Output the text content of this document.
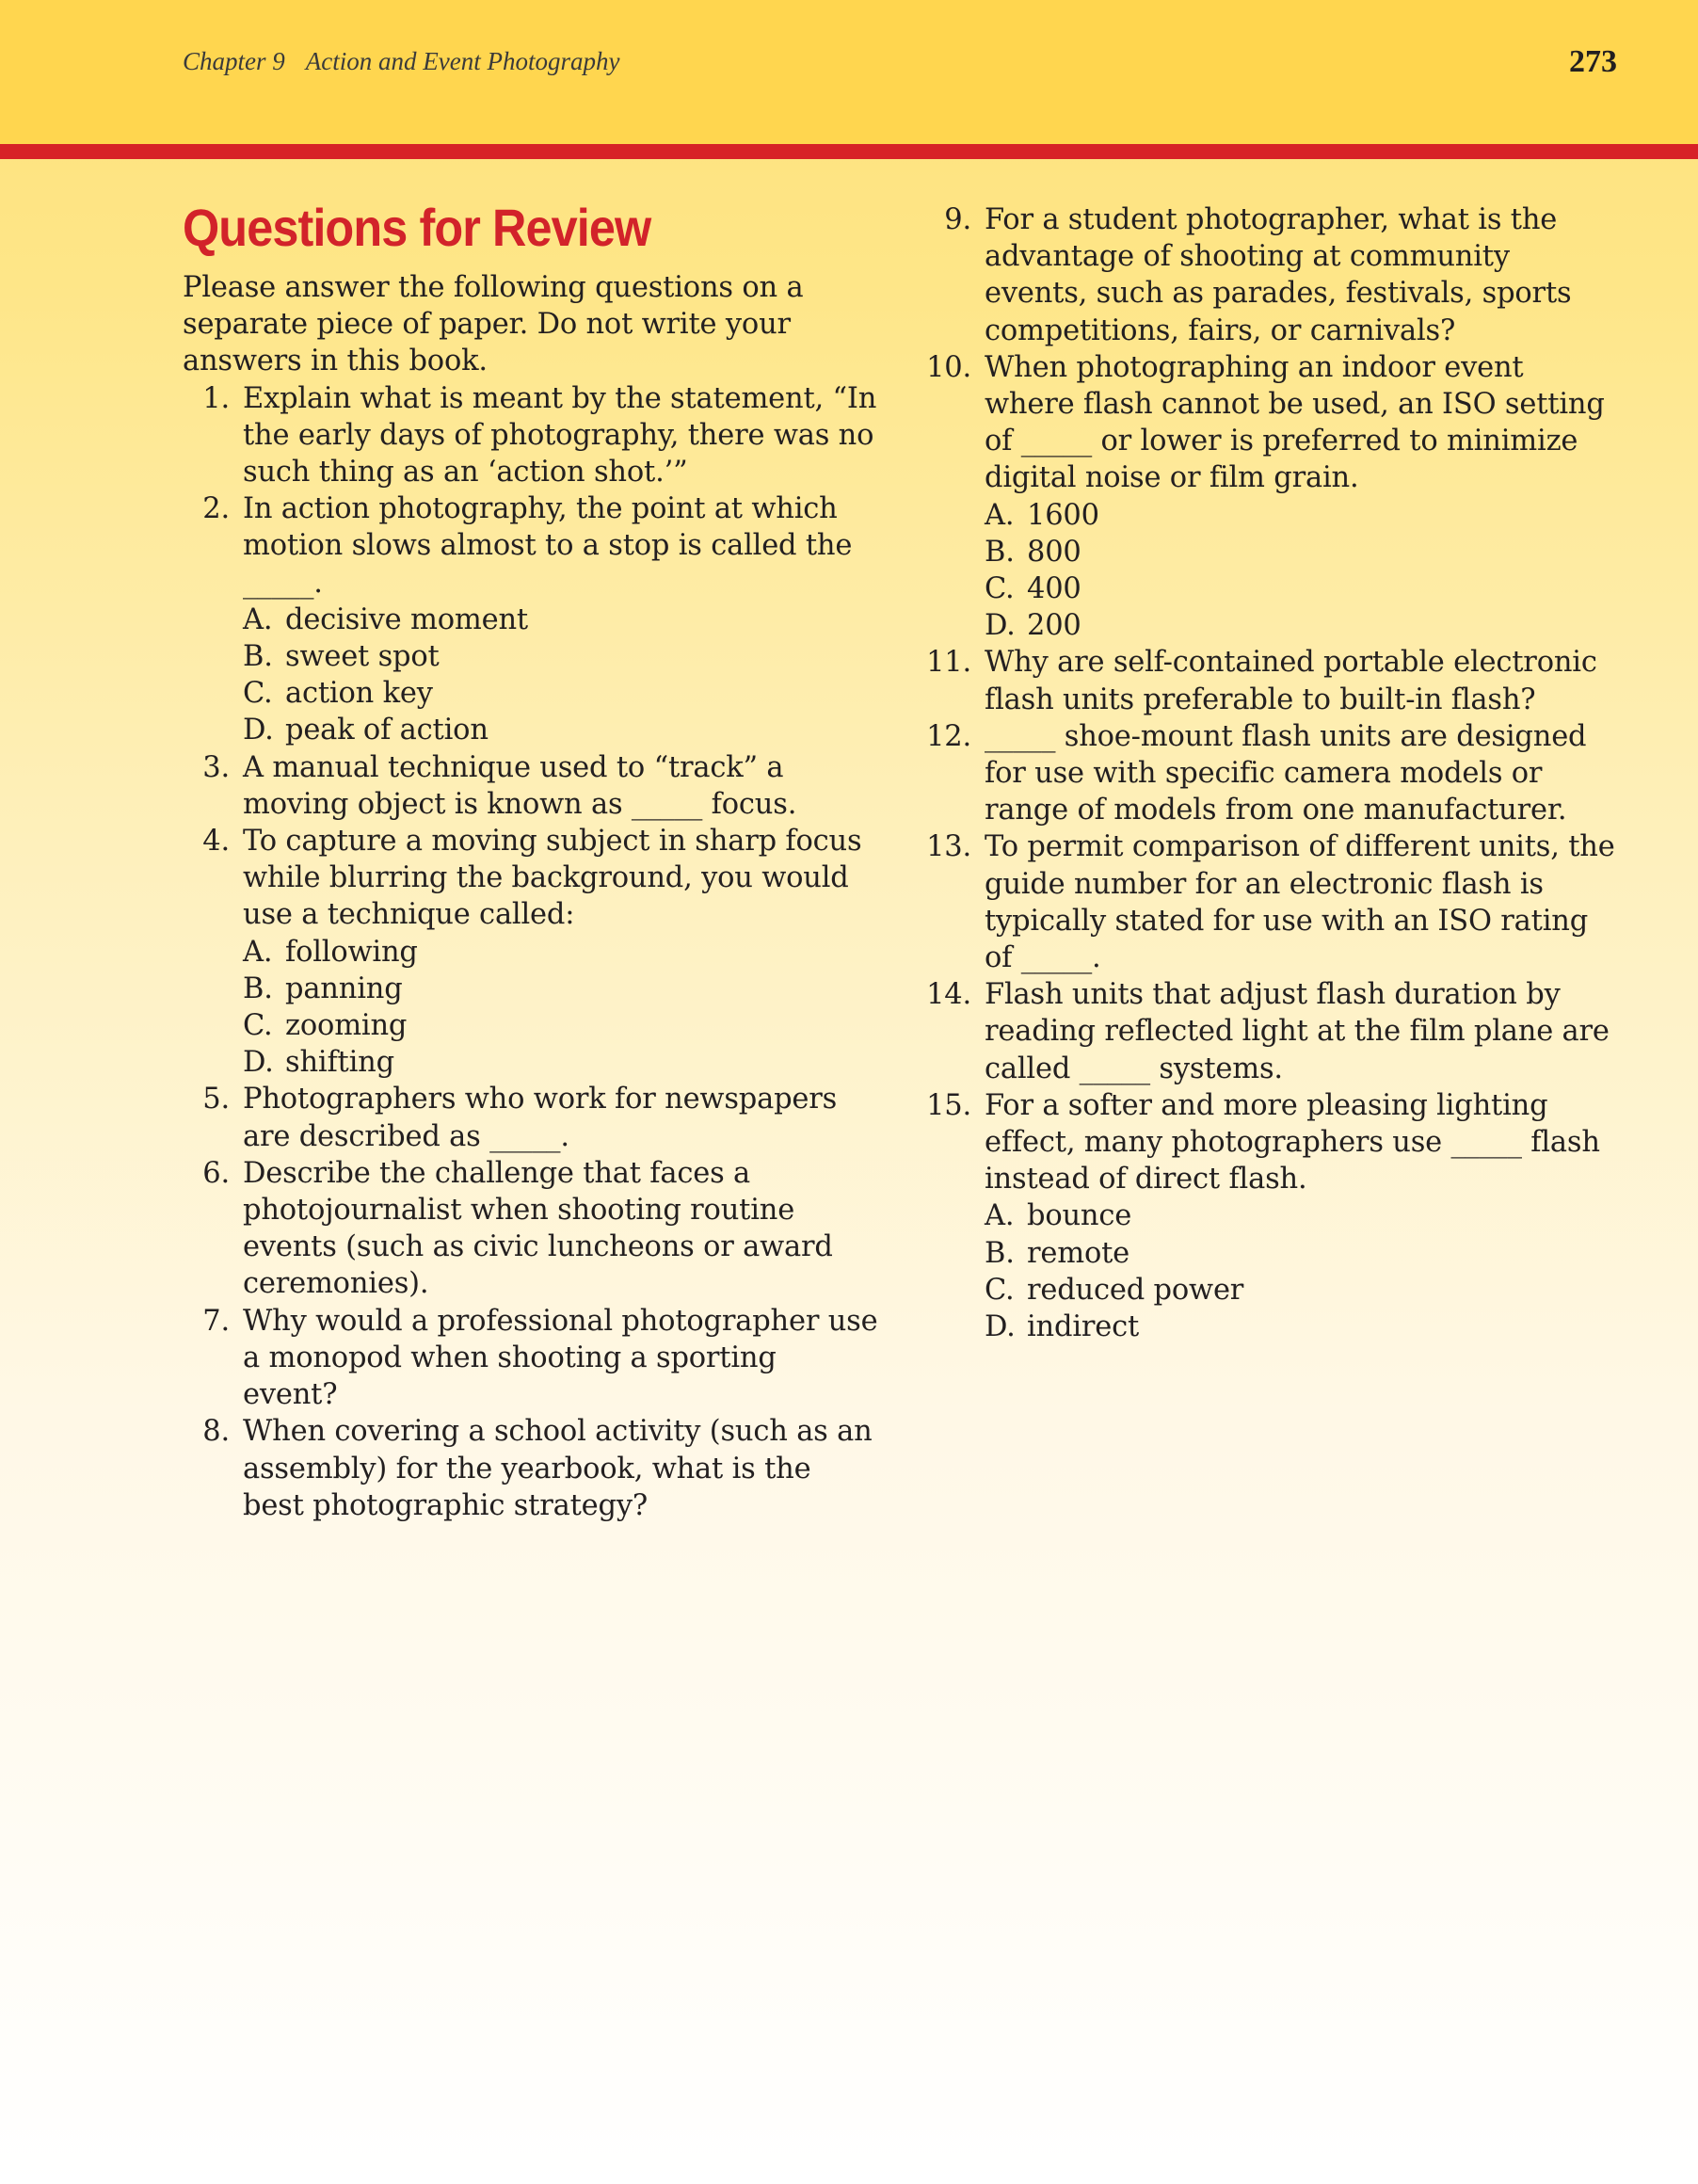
Chapter 9 Action and Event Photography	273
Questions for Review

Please answer the following questions on a separate piece of paper. Do not write your answers in this book.

1. Explain what is meant by the statement, “In the early days of photography, there was no such thing as an ‘action shot.’”
2. In action photography, the point at which motion slows almost to a stop is called the _____.
A. decisive moment
B. sweet spot
C. action key
D. peak of action
3. A manual technique used to “track” a moving object is known as _____ focus.
4. To capture a moving subject in sharp focus while blurring the background, you would use a technique called:
A. following
B. panning
C. zooming
D. shifting
5. Photographers who work for newspapers are described as _____.
6. Describe the challenge that faces a photojournalist when shooting routine events (such as civic luncheons or award ceremonies).
7. Why would a professional photographer use a monopod when shooting a sporting event?
8. When covering a school activity (such as an assembly) for the yearbook, what is the best photographic strategy?
9. For a student photographer, what is the advantage of shooting at community events, such as parades, festivals, sports competitions, fairs, or carnivals?
10. When photographing an indoor event where flash cannot be used, an ISO setting of _____ or lower is preferred to minimize digital noise or film grain.
A. 1600
B. 800
C. 400
D. 200
11. Why are self-contained portable electronic flash units preferable to built-in flash?
12. _____ shoe-mount flash units are designed for use with specific camera models or range of models from one manufacturer.
13. To permit comparison of different units, the guide number for an electronic flash is typically stated for use with an ISO rating of _____.
14. Flash units that adjust flash duration by reading reflected light at the film plane are called _____ systems.
15. For a softer and more pleasing lighting effect, many photographers use _____ flash instead of direct flash.
A. bounce
B. remote
C. reduced power
D. indirect
